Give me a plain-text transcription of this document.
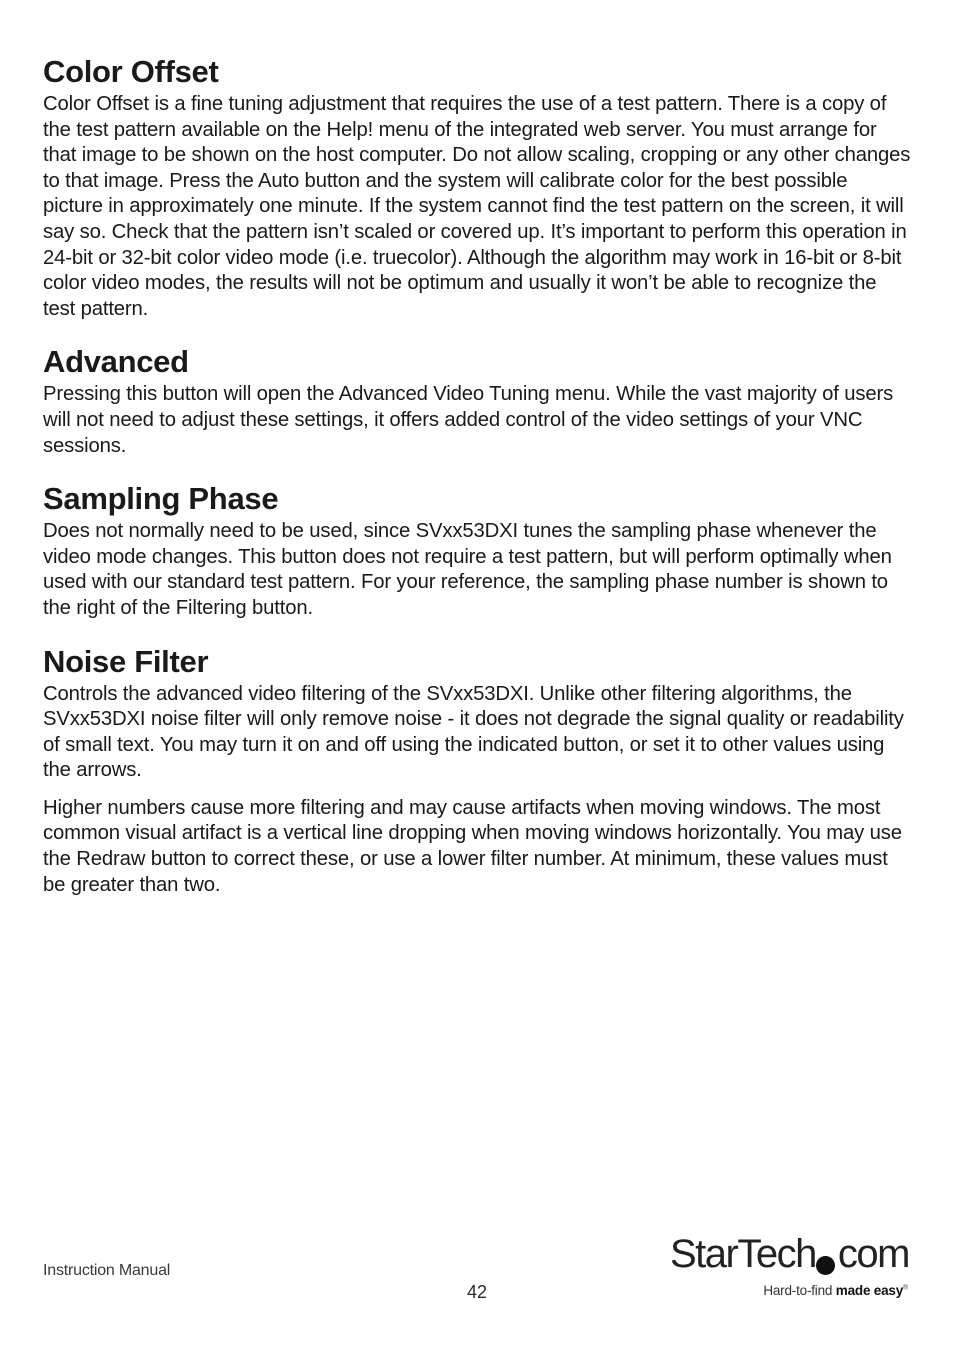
Color Offset

Color Offset is a fine tuning adjustment that requires the use of a test pattern. There is a copy of the test pattern available on the Help! menu of the integrated web server. You must arrange for that image to be shown on the host computer. Do not allow scaling, cropping or any other changes to that image. Press the Auto button and the system will calibrate color for the best possible picture in approximately one minute. If the system cannot find the test pattern on the screen, it will say so. Check that the pattern isn’t scaled or covered up. It’s important to perform this operation in 24-bit or 32-bit color video mode (i.e. truecolor). Although the algorithm may work in 16-bit or 8-bit color video modes, the results will not be optimum and usually it won’t be able to recognize the test pattern.

Advanced

Pressing this button will open the Advanced Video Tuning menu. While the vast majority of users will not need to adjust these settings, it offers added control of the video settings of your VNC sessions.

Sampling Phase

Does not normally need to be used, since SVxx53DXI tunes the sampling phase whenever the video mode changes. This button does not require a test pattern, but will perform optimally when used with our standard test pattern. For your reference, the sampling phase number is shown to the right of the Filtering button.

Noise Filter

Controls the advanced video filtering of the SVxx53DXI. Unlike other filtering algorithms, the SVxx53DXI noise filter will only remove noise - it does not degrade the signal quality or readability of small text. You may turn it on and off using the indicated button, or set it to other values using the arrows.

Higher numbers cause more filtering and may cause artifacts when moving windows. The most common visual artifact is a vertical line dropping when moving windows horizontally. You may use the Redraw button to correct these, or use a lower filter number. At minimum, these values must be greater than two.

Instruction Manual
42
StarTech com
Hard-to-find made easy®
